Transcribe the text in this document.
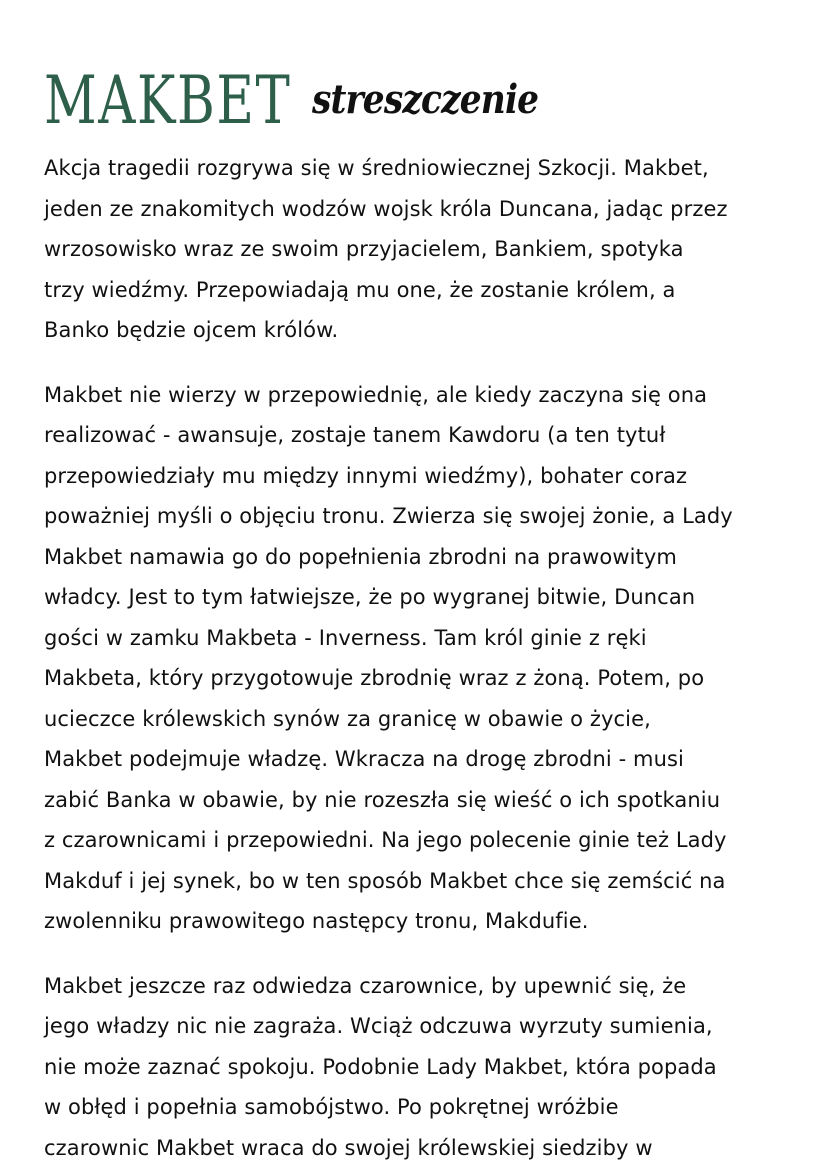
MAKBET streszczenie

Akcja tragedii rozgrywa się w średniowiecznej Szkocji. Makbet,
jeden ze znakomitych wodzów wojsk króla Duncana, jadąc przez
wrzosowisko wraz ze swoim przyjacielem, Bankiem, spotyka
trzy wiedźmy. Przepowiadają mu one, że zostanie królem, a
Banko będzie ojcem królów.

Makbet nie wierzy w przepowiednię, ale kiedy zaczyna się ona
realizować - awansuje, zostaje tanem Kawdoru (a ten tytuł
przepowiedziały mu między innymi wiedźmy), bohater coraz
poważniej myśli o objęciu tronu. Zwierza się swojej żonie, a Lady
Makbet namawia go do popełnienia zbrodni na prawowitym
władcy. Jest to tym łatwiejsze, że po wygranej bitwie, Duncan
gości w zamku Makbeta - Inverness. Tam król ginie z ręki
Makbeta, który przygotowuje zbrodnię wraz z żoną. Potem, po
ucieczce królewskich synów za granicę w obawie o życie,
Makbet podejmuje władzę. Wkracza na drogę zbrodni - musi
zabić Banka w obawie, by nie rozeszła się wieść o ich spotkaniu
z czarownicami i przepowiedni. Na jego polecenie ginie też Lady
Makduf i jej synek, bo w ten sposób Makbet chce się zemścić na
zwolenniku prawowitego następcy tronu, Makdufie.

Makbet jeszcze raz odwiedza czarownice, by upewnić się, że
jego władzy nic nie zagraża. Wciąż odczuwa wyrzuty sumienia,
nie może zaznać spokoju. Podobnie Lady Makbet, która popada
w obłęd i popełnia samobójstwo. Po pokrętnej wróżbie
czarownic Makbet wraca do swojej królewskiej siedziby w
